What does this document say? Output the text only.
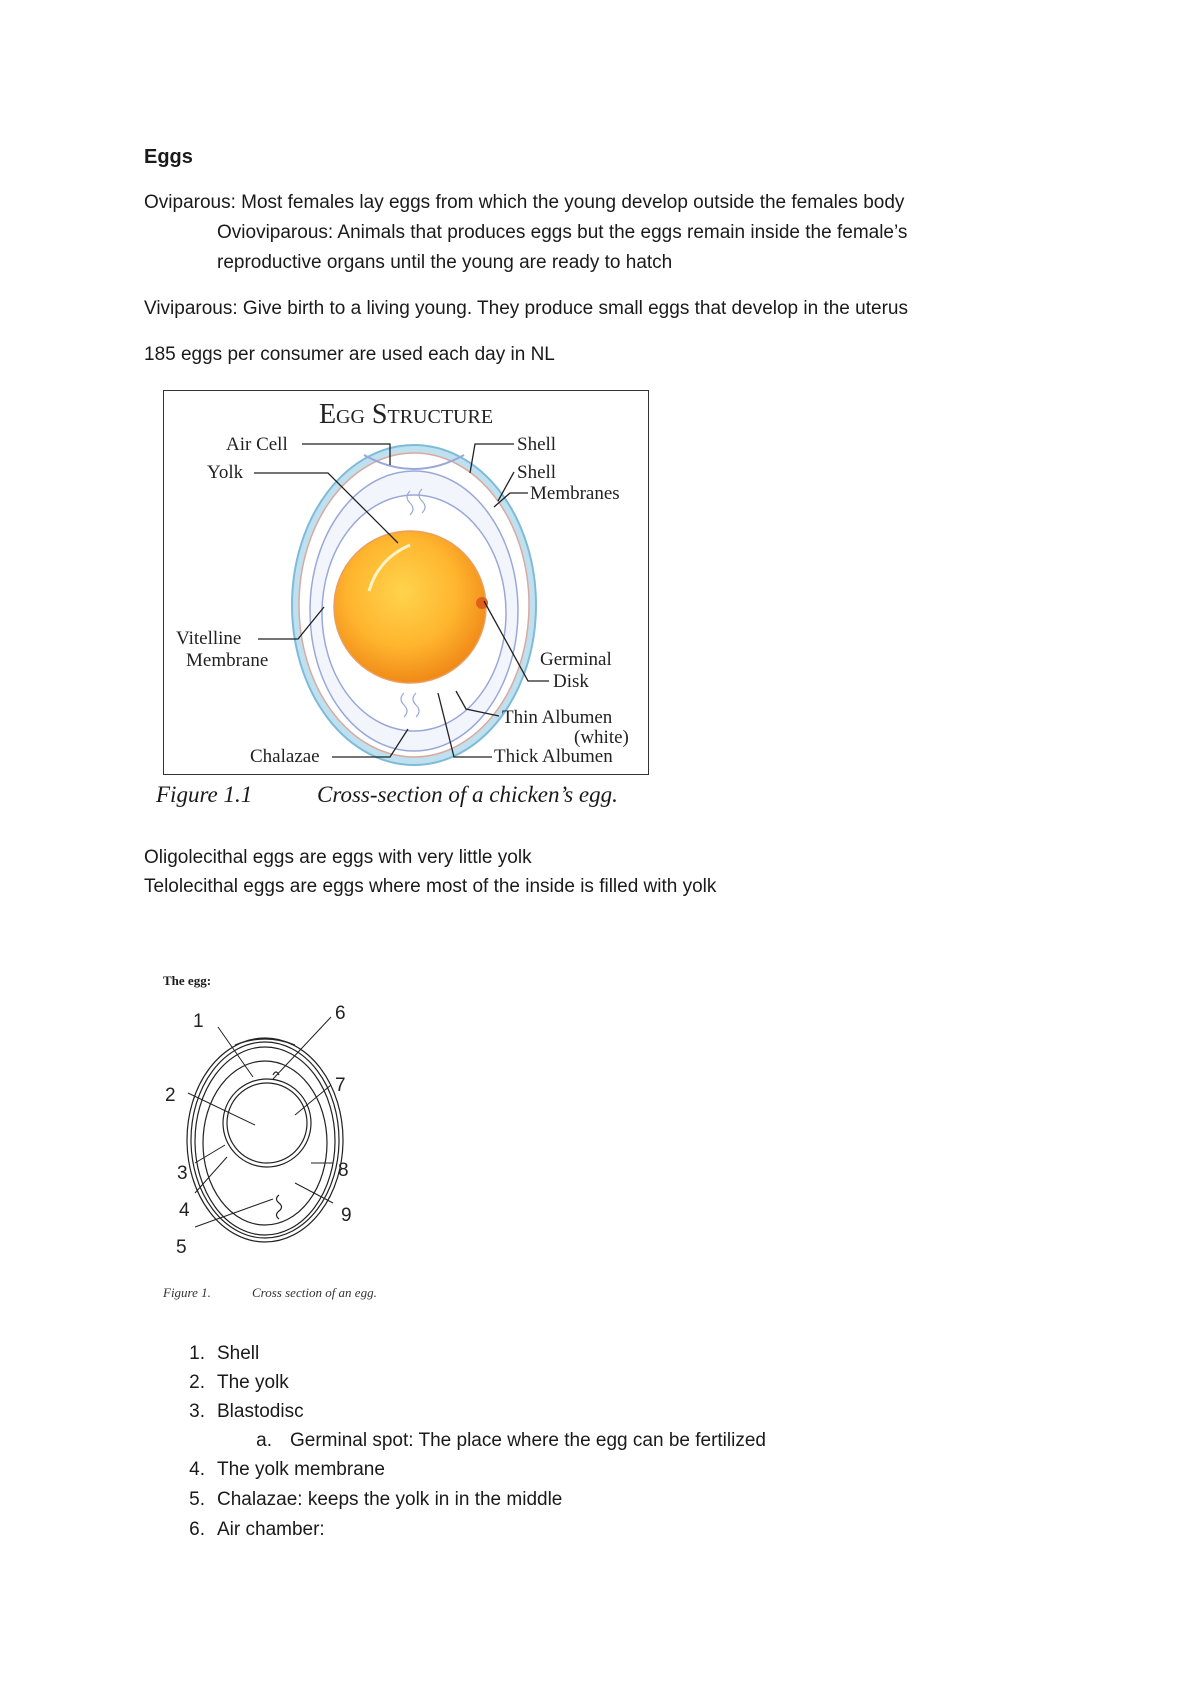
Eggs
Oviparous: Most females lay eggs from which the young develop outside the females body
Ovioviparous: Animals that produces eggs but the eggs remain inside the female’s
reproductive organs until the young are ready to hatch
Viviparous: Give birth to a living young. They produce small eggs that develop in the uterus
185 eggs per consumer are used each day in NL
Egg Structure
Air Cell
Yolk
Shell
Shell
Membranes
Vitelline
Membrane	Germinal
Disk
Thin Albumen
(white)
Thick Albumen
Chalazae
Figure 1.1	Cross-section of a chicken’s egg.
Oligolecithal eggs are eggs with very little yolk
Telolecithal eggs are eggs where most of the inside is filled with yolk
The egg:
1
2
3
4
5
6
7
8
9
Figure 1.	Cross section of an egg.
1. Shell
2. The yolk
3. Blastodisc
a. Germinal spot: The place where the egg can be fertilized
4. The yolk membrane
5. Chalazae: keeps the yolk in in the middle
6. Air chamber:
